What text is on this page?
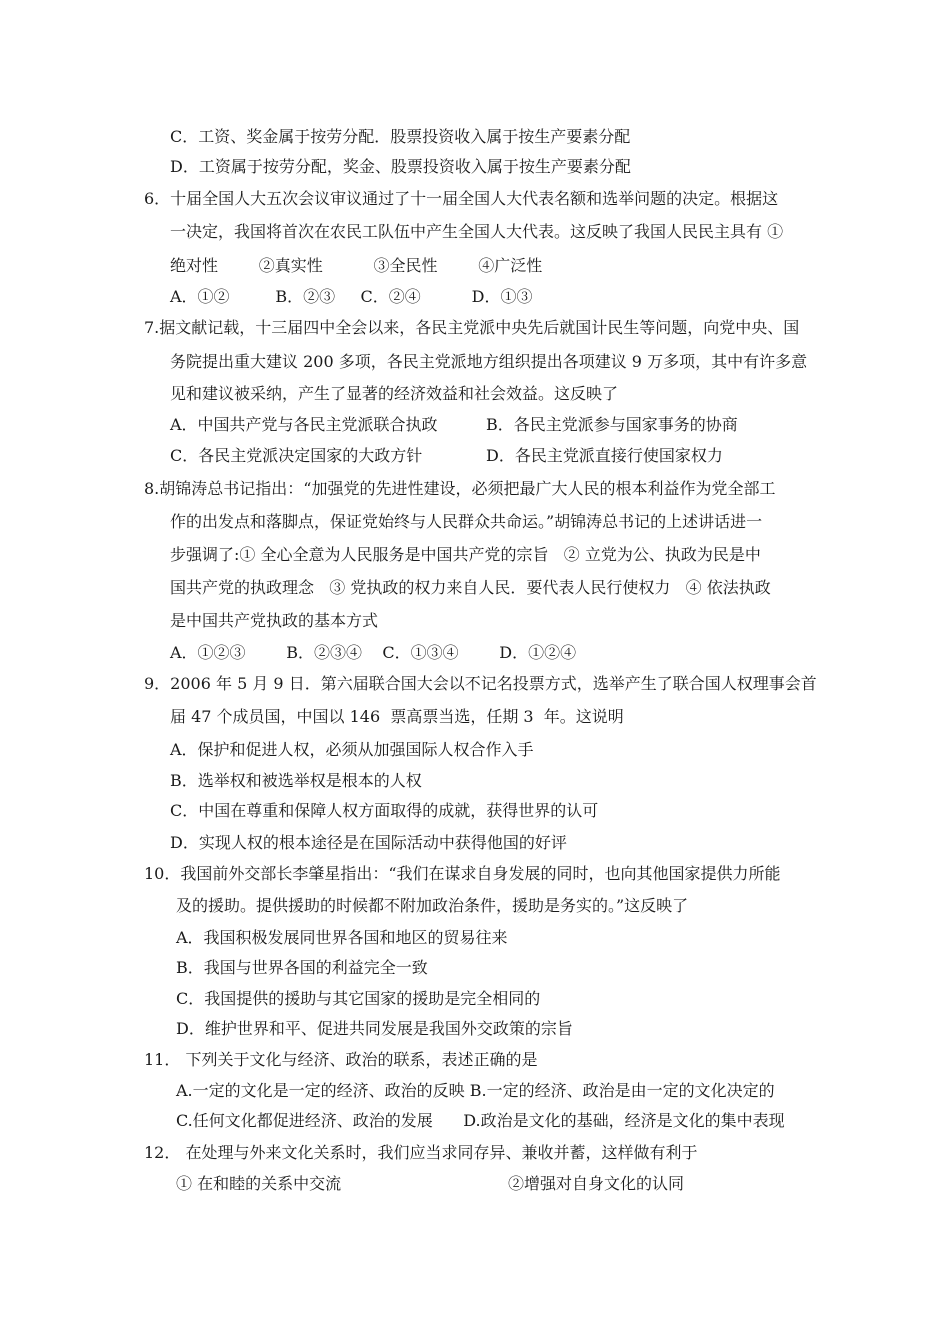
C．工资、奖金属于按劳分配．股票投资收入属于按生产要素分配
D．工资属于按劳分配，奖金、股票投资收入属于按生产要素分配
6．十届全国人大五次会议审议通过了十一届全国人大代表名额和选举问题的决定。根据这
一决定，我国将首次在农民工队伍中产生全国人大代表。这反映了我国人民民主具有 ①
绝对性        ②真实性          ③全民性        ④广泛性
A．①②         B．②③     C．②④          D．①③
7.据文献记载，十三届四中全会以来，各民主党派中央先后就国计民生等问题，向党中央、国
务院提出重大建议 200 多项，各民主党派地方组织提出各项建议 9 万多项，其中有许多意
见和建议被采纳，产生了显著的经济效益和社会效益。这反映了
A．中国共产党与各民主党派联合执政	B．各民主党派参与国家事务的协商
C．各民主党派决定国家的大政方针	D．各民主党派直接行使国家权力
8.胡锦涛总书记指出：“加强党的先进性建设，必须把最广大人民的根本利益作为党全部工
作的出发点和落脚点，保证党始终与人民群众共命运。”胡锦涛总书记的上述讲话进一
步强调了:① 全心全意为人民服务是中国共产党的宗旨   ② 立党为公、执政为民是中
国共产党的执政理念   ③ 党执政的权力来自人民．要代表人民行使权力   ④ 依法执政
是中国共产党执政的基本方式
A．①②③        B．②③④    C．①③④        D．①②④
9．2006 年 5 月 9 日．第六届联合国大会以不记名投票方式，选举产生了联合国人权理事会首
届 47 个成员国，中国以 146  票高票当选，任期 3  年。这说明
A．保护和促进人权，必须从加强国际人权合作入手
B．选举权和被选举权是根本的人权
C．中国在尊重和保障人权方面取得的成就，获得世界的认可
D．实现人权的根本途径是在国际活动中获得他国的好评
10．我国前外交部长李肇星指出：“我们在谋求自身发展的同时，也向其他国家提供力所能
及的援助。提供援助的时候都不附加政治条件，援助是务实的。”这反映了
A．我国积极发展同世界各国和地区的贸易往来
B．我国与世界各国的利益完全一致
C．我国提供的援助与其它国家的援助是完全相同的
D．维护世界和平、促进共同发展是我国外交政策的宗旨
11． 下列关于文化与经济、政治的联系，表述正确的是
A.一定的文化是一定的经济、政治的反映 B.一定的经济、政治是由一定的文化决定的
C.任何文化都促进经济、政治的发展      D.政治是文化的基础，经济是文化的集中表现
12． 在处理与外来文化关系时，我们应当求同存异、兼收并蓄，这样做有利于
① 在和睦的关系中交流	②增强对自身文化的认同
